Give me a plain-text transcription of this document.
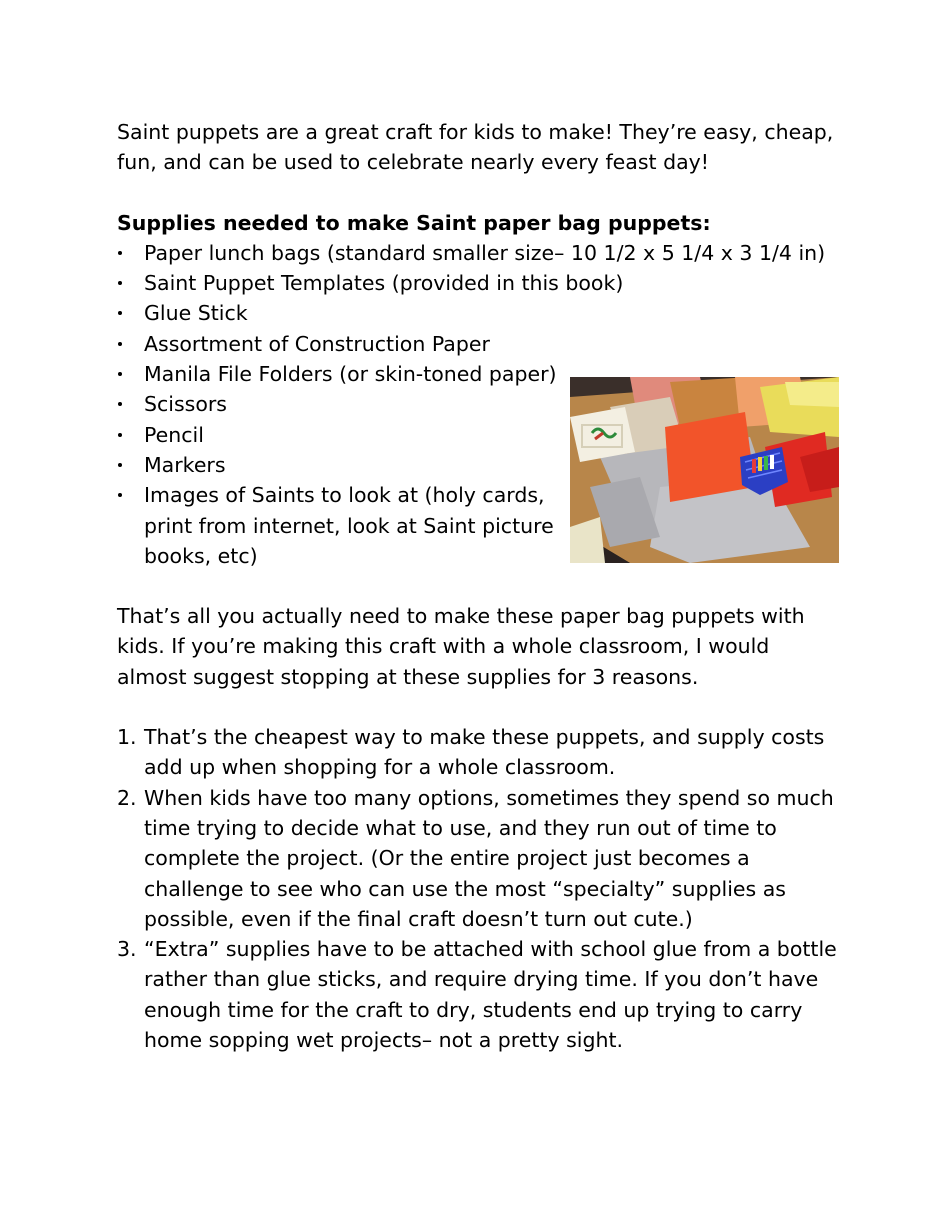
Saint puppets are a great craft for kids to make! They’re easy, cheap, fun, and can be used to celebrate nearly every feast day!

Supplies needed to make Saint paper bag puppets:

Paper lunch bags (standard smaller size– 10 1/2 x 5 1/4 x 3 1/4 in)
Saint Puppet Templates (provided in this book)
Glue Stick
Assortment of Construction Paper
Manila File Folders (or skin-toned paper)
Scissors
Pencil
Markers
Images of Saints to look at (holy cards, print from internet, look at Saint picture books, etc)

That’s all you actually need to make these paper bag puppets with kids. If you’re making this craft with a whole classroom, I would almost suggest stopping at these supplies for 3 reasons.

1. That’s the cheapest way to make these puppets, and supply costs add up when shopping for a whole classroom.
2. When kids have too many options, sometimes they spend so much time trying to decide what to use, and they run out of time to complete the project. (Or the entire project just becomes a challenge to see who can use the most “specialty” supplies as possible, even if the final craft doesn’t turn out cute.)
3. “Extra” supplies have to be attached with school glue from a bottle rather than glue sticks, and require drying time. If you don’t have enough time for the craft to dry, students end up trying to carry home sopping wet projects– not a pretty sight.
